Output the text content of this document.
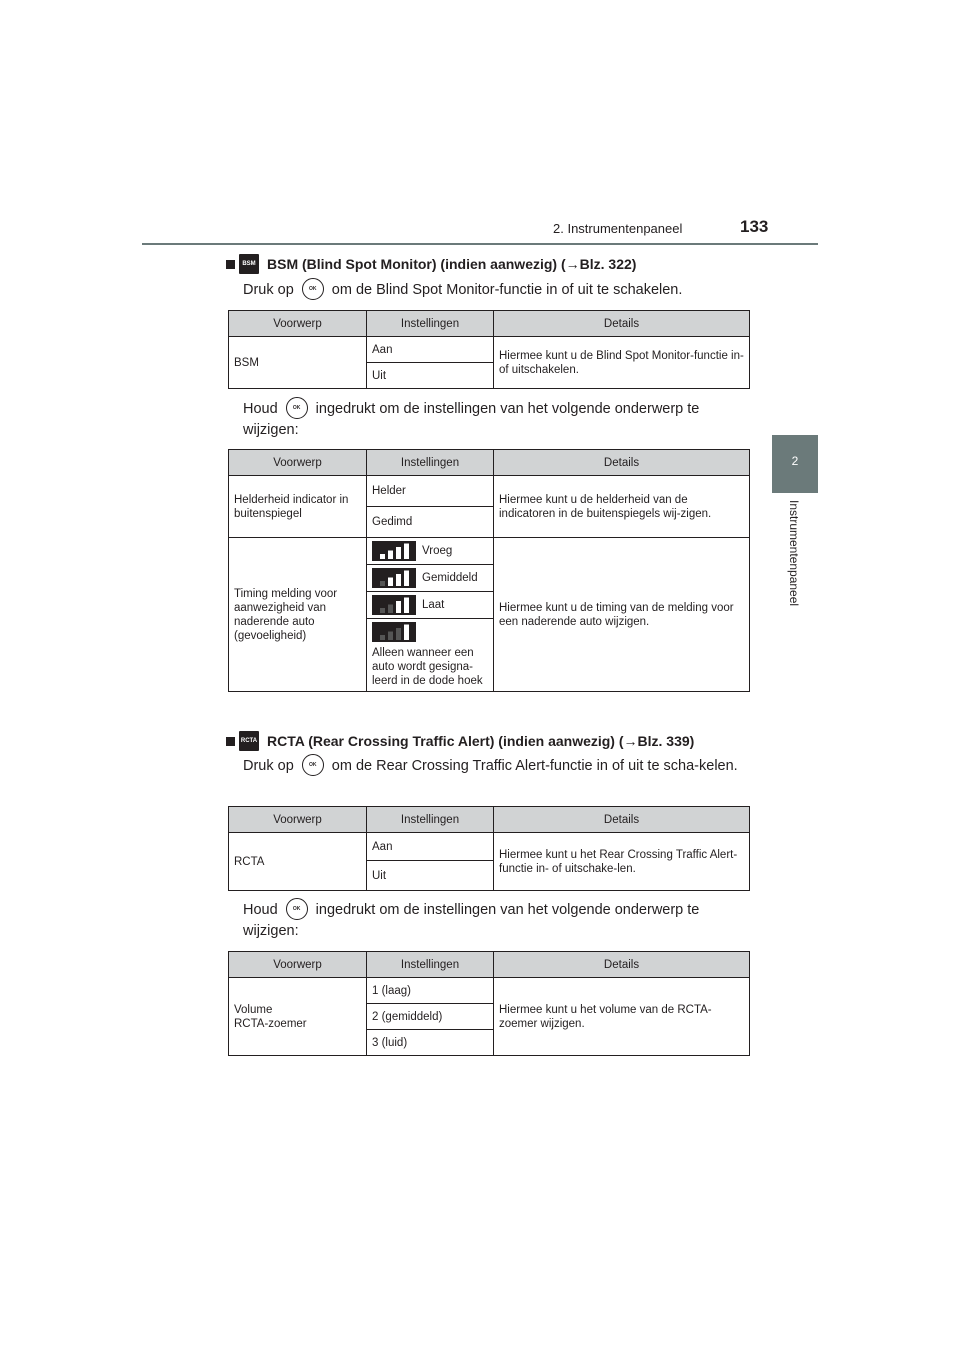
2. Instrumentenpaneel	133
2
Instrumentenpaneel
BSM BSM (Blind Spot Monitor) (indien aanwezig) (→Blz. 322)
Druk op	OK om de Blind Spot Monitor-functie in of uit te schakelen.
Voorwerp	Instellingen	Details
BSM	Aan	Hiermee kunt u de Blind Spot Monitor-functie in- of uitschakelen.
	Uit	
Houd	OK ingedrukt om de instellingen van het volgende onderwerp te wijzigen:
Voorwerp	Instellingen	Details
Helderheid indicator in buitenspiegel	Helder	Hiermee kunt u de helderheid van de indicatoren in de buitenspiegels wij-zigen.
	Gedimd	
Timing melding voor aanwezigheid van naderende auto (gevoeligheid)	Vroeg	Hiermee kunt u de timing van de melding voor een naderende auto wijzigen.

	Gemiddeld	

	Laat	

	Alleen wanneer een auto wordt gesigna-leerd in de dode hoek	
RCTA RCTA (Rear Crossing Traffic Alert) (indien aanwezig) (→Blz. 339)
Druk op	OK om de Rear Crossing Traffic Alert-functie in of uit te scha-kelen.
Voorwerp	Instellingen	Details
RCTA	Aan	Hiermee kunt u het Rear Crossing Traffic Alert-functie in- of uitschake-len.
	Uit	
Houd	OK ingedrukt om de instellingen van het volgende onderwerp te wijzigen:
Voorwerp	Instellingen	Details

Volume
RCTA-zoemer	1 (laag)	Hiermee kunt u het volume van de RCTA-zoemer wijzigen.
	2 (gemiddeld)	
	3 (luid)	
